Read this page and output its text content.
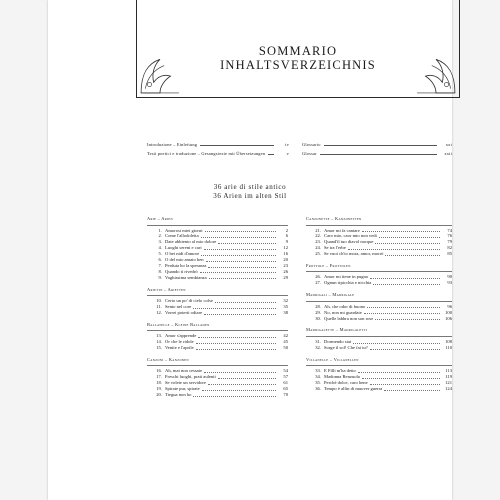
SOMMARIO
INHALTSVERZEICHNIS
Introduzione – Einleitung	iv
Testi poetici e traduzione – Gesangstexte mit Übersetzungen	v
Glossario	xxi
Glossar	xxii
36 arie di stile antico
36 Arien im alten Stil
Arie – Arien
1. Amorosi miei giorni	2
2. Come l'allodoletta	6
3. Date abbiento al mio dolore	9
4. Luoghi sereni e cari	12
5. O bei nidi d'amore	16
6. O del mio amato ben	20
7. Perduta ho la speranza	23
8. Quando ti rivedrò	26
9. Vaghissima sembianza	29
Ariette – Arietten
10. Certo un po' di cielo colse	32
11. Sento nel core	35
12. Vorrei poterti odiare	38
Ballatelle – Kleine Balladen
13. Amor s'apprende	42
14. Or che le ridole	45
15. Venite e l'aprile	50
Canzoni – Kanzonen
16. Ah, mai non cessate	54
17. Freschi luoghi, prati aulenti	57
18. Se volete un servidore	61
19. Spirate pur, spirate	65
20. Tiegua non ho	70
Canzonette – Kanzonetten
21. Amor mi fa cantare	74
22. Caro mio, caor mio non vedi	76
23. Quand'il tuo diavol nacque	79
24. Se tra l'erbe	82
25. Se vuoi ch'io mora, amor, morrò	85
Frottole – Frottolen
26. Amor mi tiene in pugno	90
27. Ognun ripicchia e nicchia	93
Madrigali – Madrigale
28. Ah, che odor di buono	96
29. No, non mi guardate	100
30. Quelle labbra non son rose	106
Madrigalette – Madrigaletti
31. Dormendo stai	108
32. Sorge il sol! Che fai tu?	110
Villanelle – Villanellen
33. E Filli m'ha detto	113
34. Madonna Renzuola	119
35. Perchè dolce, caro bene	121
36. Tempo è alfin di muover guerra	124
